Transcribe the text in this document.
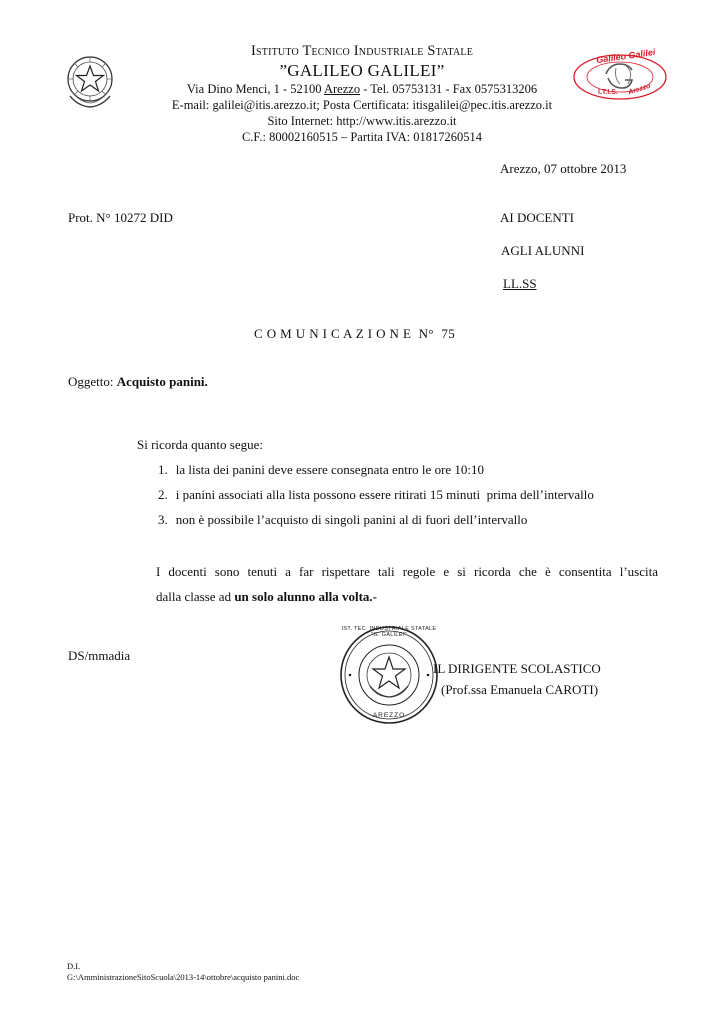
Istituto Tecnico Industriale Statale
”GALILEO GALILEI”
Via Dino Menci, 1 - 52100 Arezzo - Tel. 05753131 - Fax 0575313206
E-mail: galilei@itis.arezzo.it; Posta Certificata: itisgalilei@pec.itis.arezzo.it
Sito Internet: http://www.itis.arezzo.it
C.F.: 80002160515 – Partita IVA: 01817260514
Galileo Galilei
I.T.I.S. Arezzo
Arezzo, 07 ottobre 2013
Prot. N° 10272 DID	AI DOCENTI
AGLI ALUNNI
LL.SS
C O M U N I C A Z I O N E  N°  75
Oggetto: Acquisto panini.
Si ricorda quanto segue:
1. la lista dei panini deve essere consegnata entro le ore 10:10
2. i panini associati alla lista possono essere ritirati 15 minuti  prima dell’intervallo
3. non è possibile l’acquisto di singoli panini al di fuori dell’intervallo
I docenti sono tenuti a far rispettare tali regole e si ricorda che è consentita l’uscita
dalla classe ad un solo alunno alla volta.-
DS/mmadia
IST. TEC. INDUSTRIALE STATALE "G. GALILEI"
AREZZO
IL DIRIGENTE SCOLASTICO
(Prof.ssa Emanuela CAROTI)
D.I.
G:\AmministrazioneSitoScuola\2013-14\ottobre\acquisto panini.doc
